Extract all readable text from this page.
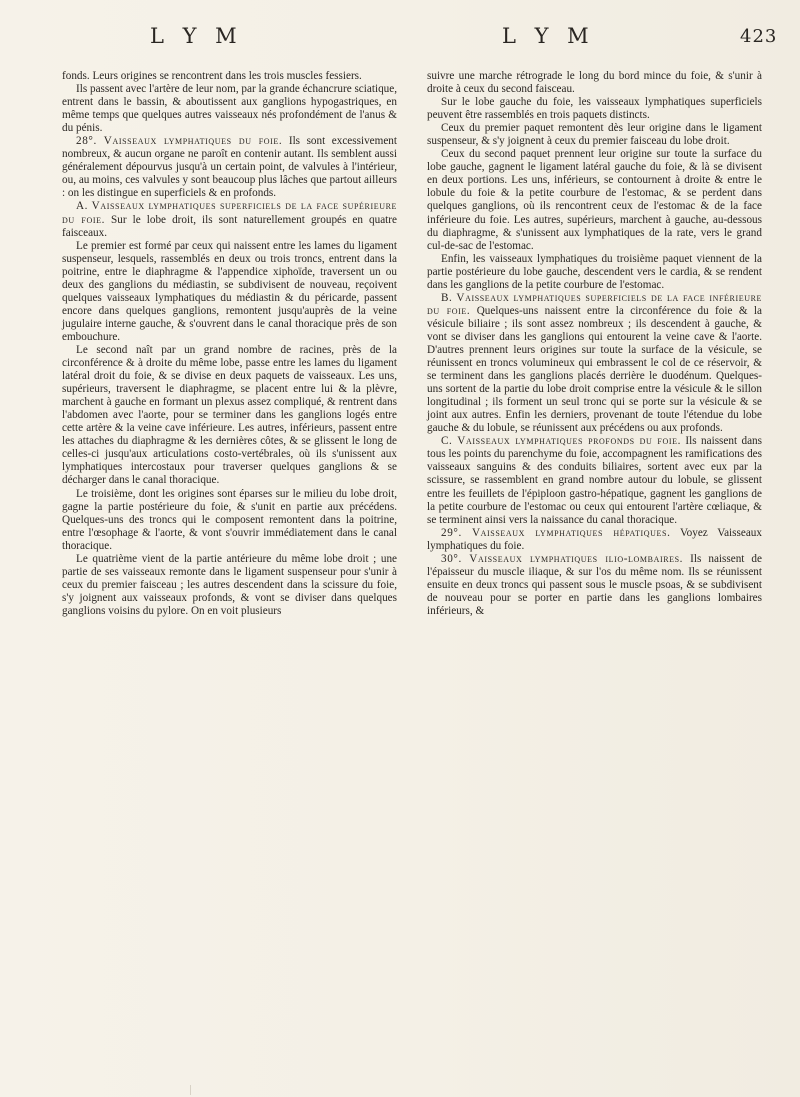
L Y M	L Y M	423

fonds. Leurs origines se rencontrent dans les trois muscles fessiers.

Ils passent avec l'artère de leur nom, par la grande échancrure sciatique, entrent dans le bassin, & aboutissent aux ganglions hypogastriques, en même temps que quelques autres vaisseaux nés profondément de l'anus & du pénis.

28°. Vaisseaux lymphatiques du foie. Ils sont excessivement nombreux, & aucun organe ne paroît en contenir autant. Ils semblent aussi généralement dépourvus jusqu'à un certain point, de valvules à l'intérieur, ou, au moins, ces valvules y sont beaucoup plus lâches que partout ailleurs : on les distingue en superficiels & en profonds.

A. Vaisseaux lymphatiques superficiels de la face supérieure du foie. Sur le lobe droit, ils sont naturellement groupés en quatre faisceaux.

Le premier est formé par ceux qui naissent entre les lames du ligament suspenseur, lesquels, rassemblés en deux ou trois troncs, entrent dans la poitrine, entre le diaphragme & l'appendice xiphoïde, traversent un ou deux des ganglions du médiastin, se subdivisent de nouveau, reçoivent quelques vaisseaux lymphatiques du médiastin & du péricarde, passent encore dans quelques ganglions, remontent jusqu'auprès de la veine jugulaire interne gauche, & s'ouvrent dans le canal thoracique près de son embouchure.

Le second naît par un grand nombre de racines, près de la circonférence & à droite du même lobe, passe entre les lames du ligament latéral droit du foie, & se divise en deux paquets de vaisseaux. Les uns, supérieurs, traversent le diaphragme, se placent entre lui & la plèvre, marchent à gauche en formant un plexus assez compliqué, & rentrent dans l'abdomen avec l'aorte, pour se terminer dans les ganglions logés entre cette artère & la veine cave inférieure. Les autres, inférieurs, passent entre les attaches du diaphragme & les dernières côtes, & se glissent le long de celles-ci jusqu'aux articulations costo-vertébrales, où ils s'unissent aux lymphatiques intercostaux pour traverser quelques ganglions & se décharger dans le canal thoracique.

Le troisième, dont les origines sont éparses sur le milieu du lobe droit, gagne la partie postérieure du foie, & s'unit en partie aux précédens. Quelques-uns des troncs qui le composent remontent dans la poitrine, entre l'œsophage & l'aorte, & vont s'ouvrir immédiatement dans le canal thoracique.

Le quatrième vient de la partie antérieure du même lobe droit ; une partie de ses vaisseaux remonte dans le ligament suspenseur pour s'unir à ceux du premier faisceau ; les autres descendent dans la scissure du foie, s'y joignent aux vaisseaux profonds, & vont se diviser dans quelques ganglions voisins du pylore. On en voit plusieurs

suivre une marche rétrograde le long du bord mince du foie, & s'unir à droite à ceux du second faisceau.

Sur le lobe gauche du foie, les vaisseaux lymphatiques superficiels peuvent être rassemblés en trois paquets distincts.

Ceux du premier paquet remontent dès leur origine dans le ligament suspenseur, & s'y joignent à ceux du premier faisceau du lobe droit.

Ceux du second paquet prennent leur origine sur toute la surface du lobe gauche, gagnent le ligament latéral gauche du foie, & là se divisent en deux portions. Les uns, inférieurs, se contournent à droite & entre le lobule du foie & la petite courbure de l'estomac, & se perdent dans quelques ganglions, où ils rencontrent ceux de l'estomac & de la face inférieure du foie. Les autres, supérieurs, marchent à gauche, au-dessous du diaphragme, & s'unissent aux lymphatiques de la rate, vers le grand cul-de-sac de l'estomac.

Enfin, les vaisseaux lymphatiques du troisième paquet viennent de la partie postérieure du lobe gauche, descendent vers le cardia, & se rendent dans les ganglions de la petite courbure de l'estomac.

B. Vaisseaux lymphatiques superficiels de la face inférieure du foie. Quelques-uns naissent entre la circonférence du foie & la vésicule biliaire ; ils sont assez nombreux ; ils descendent à gauche, & vont se diviser dans les ganglions qui entourent la veine cave & l'aorte. D'autres prennent leurs origines sur toute la surface de la vésicule, se réunissent en troncs volumineux qui embrassent le col de ce réservoir, & se terminent dans les ganglions placés derrière le duodénum. Quelques-uns sortent de la partie du lobe droit comprise entre la vésicule & le sillon longitudinal ; ils forment un seul tronc qui se porte sur la vésicule & se joint aux autres. Enfin les derniers, provenant de toute l'étendue du lobe gauche & du lobule, se réunissent aux précédens ou aux profonds.

C. Vaisseaux lymphatiques profonds du foie. Ils naissent dans tous les points du parenchyme du foie, accompagnent les ramifications des vaisseaux sanguins & des conduits biliaires, sortent avec eux par la scissure, se rassemblent en grand nombre autour du lobule, se glissent entre les feuillets de l'épiploon gastro-hépatique, gagnent les ganglions de la petite courbure de l'estomac ou ceux qui entourent l'artère cœliaque, & se terminent ainsi vers la naissance du canal thoracique.

29°. Vaisseaux lymphatiques hépatiques. Voyez Vaisseaux lymphatiques du foie.

30°. Vaisseaux lymphatiques ilio-lombaires. Ils naissent de l'épaisseur du muscle iliaque, & sur l'os du même nom. Ils se réunissent ensuite en deux troncs qui passent sous le muscle psoas, & se subdivisent de nouveau pour se porter en partie dans les ganglions lombaires inférieurs, &
